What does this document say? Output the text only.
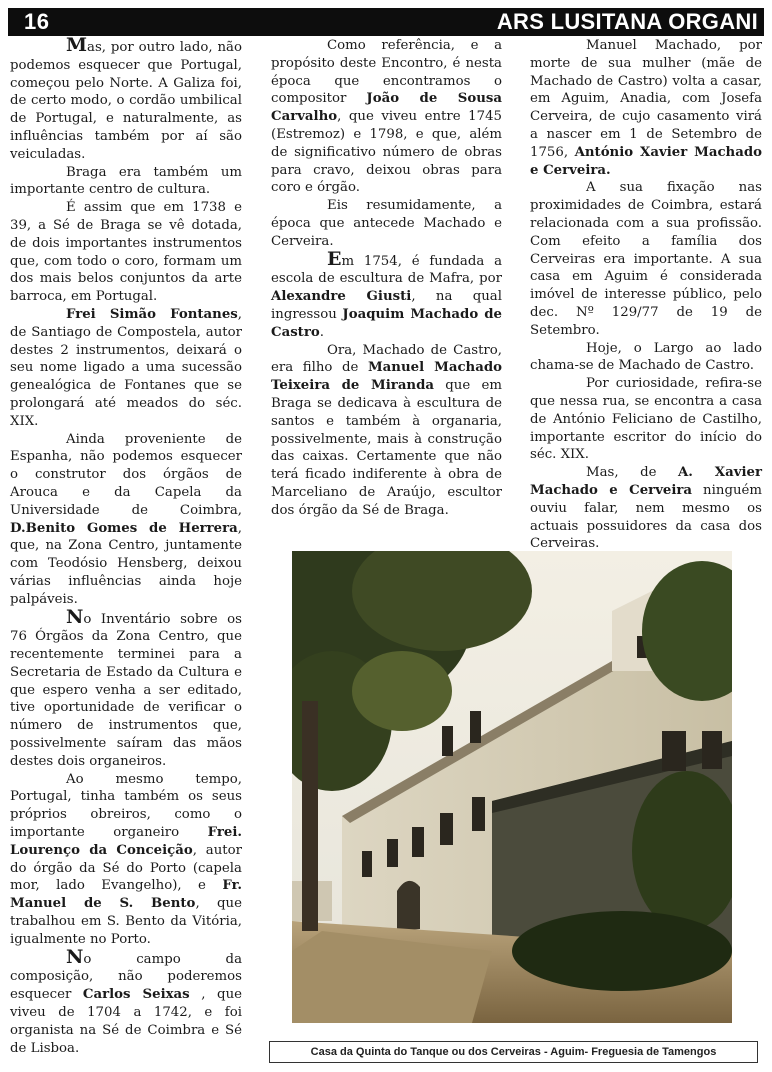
16	ARS LUSITANA ORGANI

Mas, por outro lado, não podemos esquecer que Portugal, começou pelo Norte. A Galiza foi, de certo modo, o cordão umbilical de Portugal, e naturalmente, as influências também por aí são veiculadas.

Braga era também um importante centro de cultura.

É assim que em 1738 e 39, a Sé de Braga se vê dotada, de dois importantes instrumentos que, com todo o coro, formam um dos mais belos conjuntos da arte barroca, em Portugal.

Frei Simão Fontanes, de Santiago de Compostela, autor destes 2 instrumentos, deixará o seu nome ligado a uma sucessão genealógica de Fontanes que se prolongará até meados do séc. XIX.

Ainda proveniente de Espanha, não podemos esquecer o construtor dos órgãos de Arouca e da Capela da Universidade de Coimbra, D.Benito Gomes de Herrera, que, na Zona Centro, juntamente com Teodósio Hensberg, deixou várias influências ainda hoje palpáveis.

No Inventário sobre os 76 Órgãos da Zona Centro, que recentemente terminei para a Secretaria de Estado da Cultura e que espero venha a ser editado, tive oportunidade de verificar o número de instrumentos que, possivelmente saíram das mãos destes dois organeiros.

Ao mesmo tempo, Portugal, tinha também os seus próprios obreiros, como o importante organeiro Frei. Lourenço da Conceição, autor do órgão da Sé do Porto (capela mor, lado Evangelho), e Fr. Manuel de S. Bento, que trabalhou em S. Bento da Vitória, igualmente no Porto.

No campo da composição, não poderemos esquecer Carlos Seixas , que viveu de 1704 a 1742, e foi organista na Sé de Coimbra e Sé de Lisboa.

Como referência, e a propósito deste Encontro, é nesta época que encontramos o compositor João de Sousa Carvalho, que viveu entre 1745 (Estremoz) e 1798, e que, além de significativo número de obras para cravo, deixou obras para coro e órgão.

Eis resumidamente, a época que antecede Machado e Cerveira.

Em 1754, é fundada a escola de escultura de Mafra, por Alexandre Giusti, na qual ingressou Joaquim Machado de Castro.

Ora, Machado de Castro, era filho de Manuel Machado Teixeira de Miranda que em Braga se dedicava à escultura de santos e também à organaria, possivelmente, mais à construção das caixas. Certamente que não terá ficado indiferente à obra de Marceliano de Araújo, escultor dos órgão da Sé de Braga.

Manuel Machado, por morte de sua mulher (mãe de Machado de Castro) volta a casar, em Aguim, Anadia, com Josefa Cerveira, de cujo casamento virá a nascer em 1 de Setembro de 1756, António Xavier Machado e Cerveira.

A sua fixação nas proximidades de Coimbra, estará relacionada com a sua profissão. Com efeito a família dos Cerveiras era importante. A sua casa em Aguim é considerada imóvel de interesse público, pelo dec. Nº 129/77 de 19 de Setembro.

Hoje, o Largo ao lado chama-se de Machado de Castro.

Por curiosidade, refira-se que nessa rua, se encontra a casa de António Feliciano de Castilho, importante escritor do início do séc. XIX.

Mas, de A. Xavier Machado e Cerveira ninguém ouviu falar, nem mesmo os actuais possuidores da casa dos Cerveiras.

Casa da Quinta do Tanque ou dos Cerveiras - Aguim- Freguesia de Tamengos
